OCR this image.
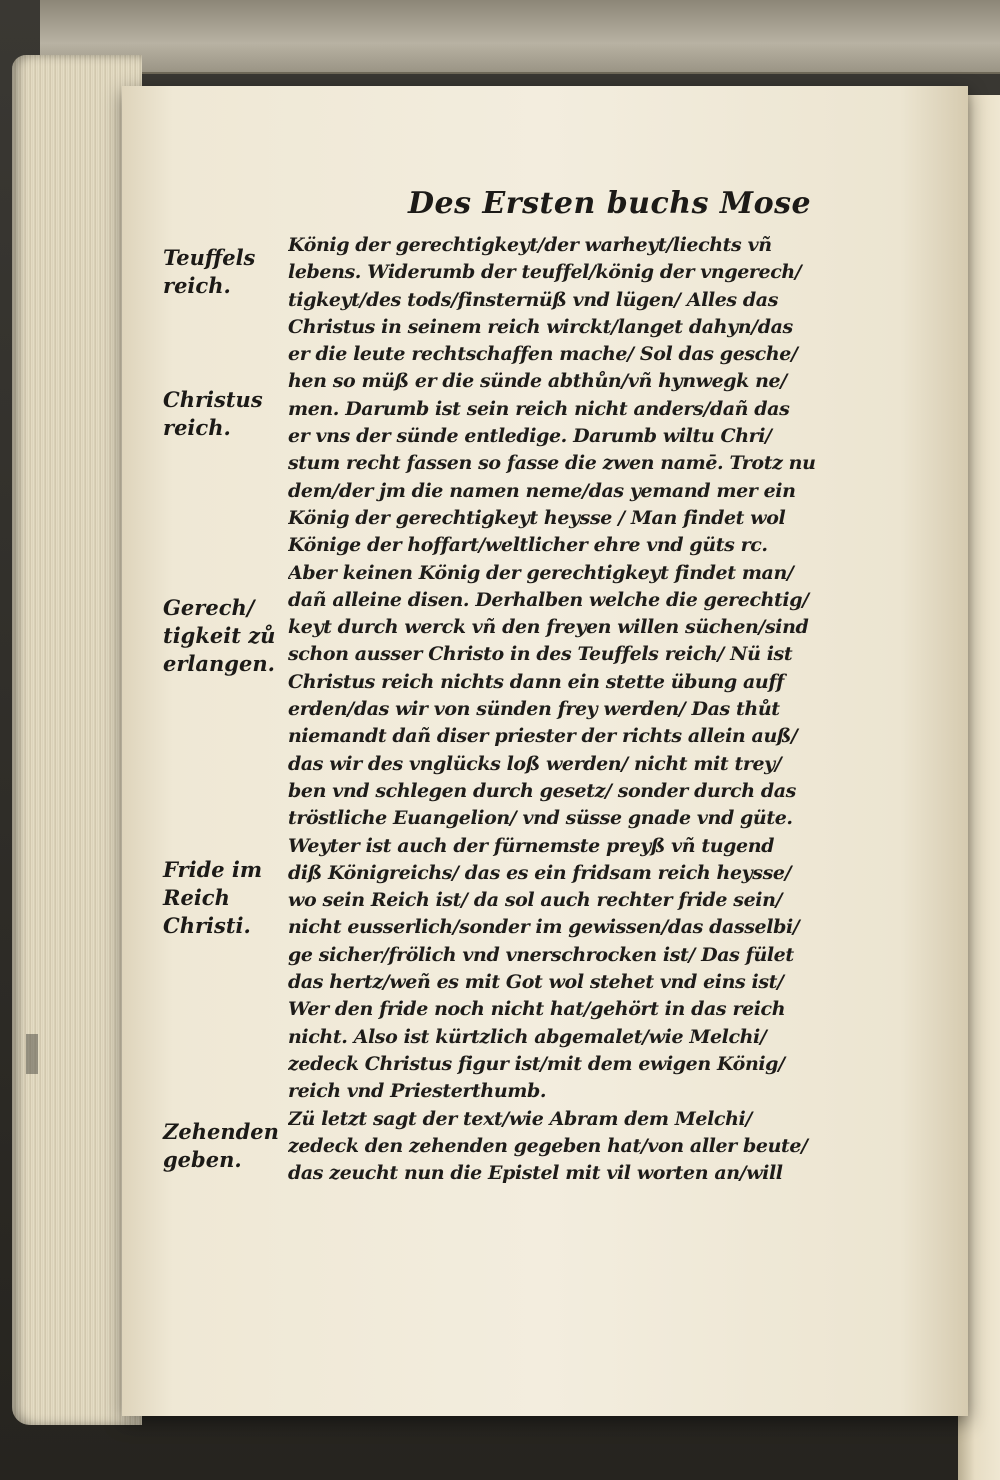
Des Ersten buchs Mose
Teuffels
reich.
Christus
reich.
Gerech/
tigkeit zů
erlangen.
Fride im
Reich
Christi.
Zehenden
geben.
König der gerechtigkeyt/der warheyt/liechts vñ
lebens. Widerumb der teuffel/könig der vngerech/
tigkeyt/des tods/finsternüß vnd lügen/ Alles das
Christus in seinem reich wirckt/langet dahyn/das
er die leute rechtschaffen mache/ Sol das gesche/
hen so müß er die sünde abthůn/vñ hynwegk ne/
men. Darumb ist sein reich nicht anders/dañ das
er vns der sünde entledige. Darumb wiltu Chri/
stum recht fassen so fasse die zwen namē. Trotz nu
dem/der jm die namen neme/das yemand mer ein
König der gerechtigkeyt heysse / Man findet wol
Könige der hoffart/weltlicher ehre vnd güts rc.
Aber keinen König der gerechtigkeyt findet man/
dañ alleine disen. Derhalben welche die gerechtig/
keyt durch werck vñ den freyen willen süchen/sind
schon ausser Christo in des Teuffels reich/ Nü ist
Christus reich nichts dann ein stette übung auff
erden/das wir von sünden frey werden/ Das thůt
niemandt dañ diser priester der richts allein auß/
das wir des vnglücks loß werden/ nicht mit trey/
ben vnd schlegen durch gesetz/ sonder durch das
tröstliche Euangelion/ vnd süsse gnade vnd güte.
Weyter ist auch der fürnemste preyß vñ tugend
diß Königreichs/ das es ein fridsam reich heysse/
wo sein Reich ist/ da sol auch rechter fride sein/
nicht eusserlich/sonder im gewissen/das dasselbi/
ge sicher/frölich vnd vnerschrocken ist/ Das fület
das hertz/weñ es mit Got wol stehet vnd eins ist/
Wer den fride noch nicht hat/gehört in das reich
nicht. Also ist kürtzlich abgemalet/wie Melchi/
zedeck Christus figur ist/mit dem ewigen König/
reich vnd Priesterthumb.
Zü letzt sagt der text/wie Abram dem Melchi/
zedeck den zehenden gegeben hat/von aller beute/
das zeucht nun die Epistel mit vil worten an/will
